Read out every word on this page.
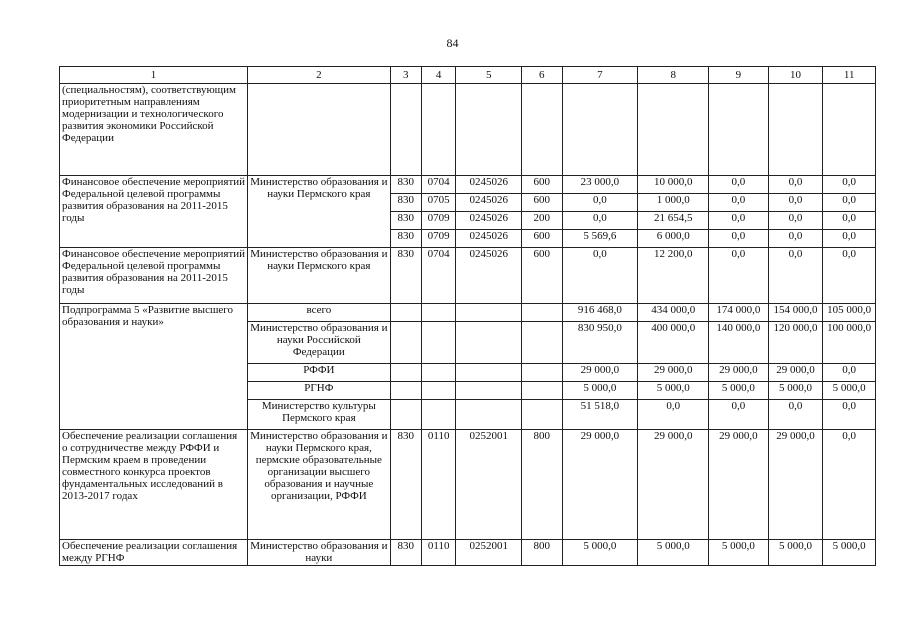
84
1	2	3	4	5	6	7	8	9	10	11
(специальностям), соответствующим приоритетным направлениям модернизации и технологического развития экономики Российской Федерации										
Финансовое обеспечение мероприятий Федеральной целевой программы развития образования на 2011-2015 годы	Министерство образования и науки Пермского края	830	0704	0245026	600	23 000,0	10 000,0	0,0	0,0	0,0
		830	0705	0245026	600	0,0	1 000,0	0,0	0,0	0,0
		830	0709	0245026	200	0,0	21 654,5	0,0	0,0	0,0
		830	0709	0245026	600	5 569,6	6 000,0	0,0	0,0	0,0
Финансовое обеспечение мероприятий Федеральной целевой программы развития образования на 2011-2015 годы	Министерство образования и науки Пермского края	830	0704	0245026	600	0,0	12 200,0	0,0	0,0	0,0
Подпрограмма 5 «Развитие высшего образования и науки»	всего					916 468,0	434 000,0	174 000,0	154 000,0	105 000,0
	Министерство образования и науки Российской Федерации					830 950,0	400 000,0	140 000,0	120 000,0	100 000,0
	РФФИ					29 000,0	29 000,0	29 000,0	29 000,0	0,0
	РГНФ					5 000,0	5 000,0	5 000,0	5 000,0	5 000,0
	Министерство культуры Пермского края					51 518,0	0,0	0,0	0,0	0,0
Обеспечение реализации соглашения о сотрудничестве между РФФИ и Пермским краем в проведении совместного конкурса проектов фундаментальных исследований в 2013-2017 годах	Министерство образования и науки Пермского края, пермские образовательные организации высшего образования и научные организации, РФФИ	830	0110	0252001	800	29 000,0	29 000,0	29 000,0	29 000,0	0,0
Обеспечение реализации соглашения между РГНФ	Министерство образования и науки	830	0110	0252001	800	5 000,0	5 000,0	5 000,0	5 000,0	5 000,0
